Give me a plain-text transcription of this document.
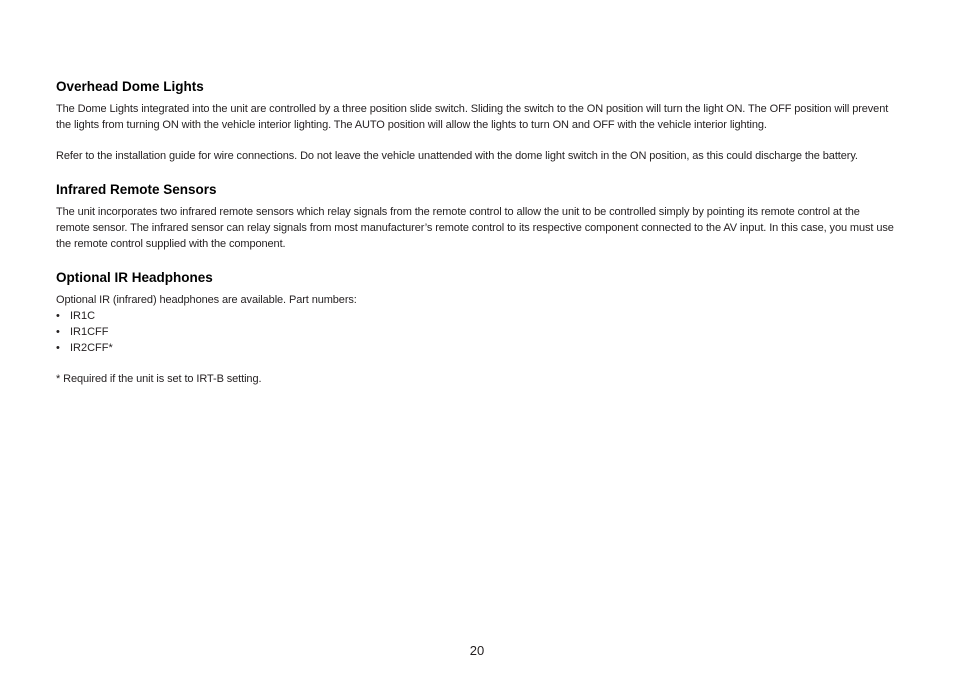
Overhead Dome Lights

The Dome Lights integrated into the unit are controlled by a three position slide switch. Sliding the switch to the ON position will turn the light ON. The OFF position will prevent the lights from turning ON with the vehicle interior lighting. The AUTO position will allow the lights to turn ON and OFF with the vehicle interior lighting.

Refer to the installation guide for wire connections. Do not leave the vehicle unattended with the dome light switch in the ON position, as this could discharge the battery.

Infrared Remote Sensors

The unit incorporates two infrared remote sensors which relay signals from the remote control to allow the unit to be controlled simply by pointing its remote control at the remote sensor. The infrared sensor can relay signals from most manufacturer’s remote control to its respective component connected to the AV input. In this case, you must use the remote control supplied with the component.

Optional IR Headphones

Optional IR (infrared) headphones are available. Part numbers:

• IR1C
• IR1CFF
• IR2CFF*

* Required if the unit is set to IRT-B setting.

20
